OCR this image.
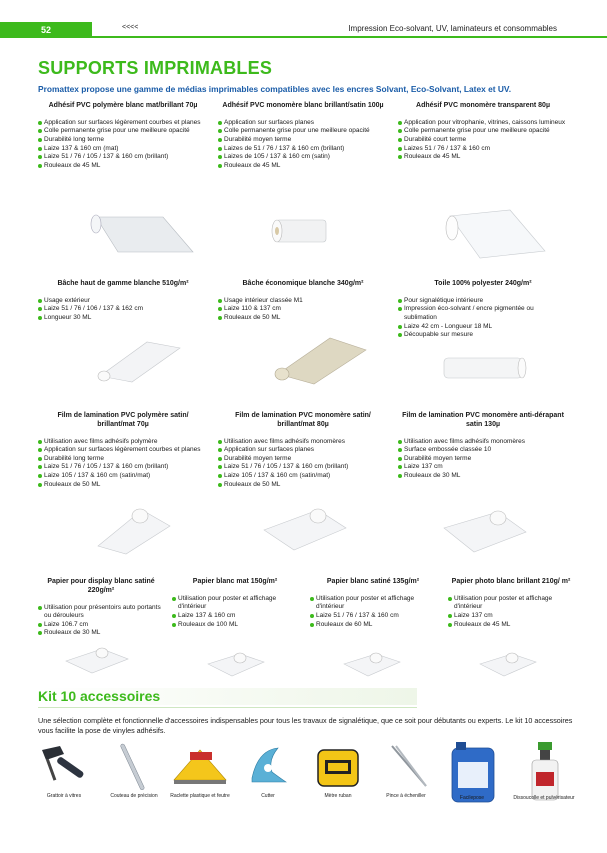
52	<<<<	Impression Eco-solvant, UV, laminateurs et consommables
SUPPORTS IMPRIMABLES
Promattex propose une gamme de médias imprimables compatibles avec les encres Solvant, Eco-Solvant, Latex et UV.
Adhésif PVC polymère blanc mat/brillant 70µ
Application sur surfaces légèrement courbes et planes
Colle permanente grise pour une meilleure opacité
Durabilité long terme
Laize 137 & 160 cm (mat)
Laize 51 / 76 / 105 / 137 & 160 cm (brillant)
Rouleaux de 45 ML
Adhésif PVC monomère blanc brillant/satin 100µ
Application sur surfaces planes
Colle permanente grise pour une meilleure opacité
Durabilité moyen terme
Laizes de 51 / 76 / 137 & 160 cm (brillant)
Laizes de 105 / 137 & 160 cm (satin)
Rouleaux de 45 ML
Adhésif PVC monomère transparent 80µ
Application pour vitrophanie, vitrines, caissons lumineux
Colle permanente grise pour une meilleure opacité
Durabilité court terme
Laizes 51 / 76 / 137 & 160 cm
Rouleaux de 45 ML
Bâche haut de gamme blanche 510g/m²
Usage extérieur
Laize 51 / 76 / 106 / 137 & 162 cm
Longueur 30 ML
Bâche économique blanche 340g/m²
Usage intérieur classée M1
Laize 110 & 137 cm
Rouleaux de 50 ML
Toile 100% polyester 240g/m²
Pour signalétique intérieure
Impression éco-solvant / encre pigmentée ou sublimation
Laize 42 cm - Longueur 18 ML
Découpable sur mesure
Film de lamination PVC polymère satin/ brillant/mat 70µ
Utilisation avec films adhésifs polymère
Application sur surfaces légèrement courbes et planes
Durabilité long terme
Laize 51 / 76 / 105 / 137 & 160 cm (brillant)
Laize 105 / 137 & 160 cm (satin/mat)
Rouleaux de 50 ML
Film de lamination PVC monomère satin/ brillant/mat 80µ
Utilisation avec films adhésifs monomères
Application sur surfaces planes
Durabilité moyen terme
Laize 51 / 76 / 105 / 137 & 160 cm (brillant)
Laize 105 / 137 & 160 cm (satin/mat)
Rouleaux de 50 ML
Film de lamination PVC monomère anti-dérapant satin 130µ
Utilisation avec films adhésifs monomères
Surface embossée classée 10
Durabilité moyen terme
Laize 137 cm
Rouleaux de 30 ML
Papier pour display blanc satiné 220g/m²
Utilisation pour présentoirs auto portants ou dérouleurs
Laize 106.7 cm
Rouleaux de 30 ML
Papier blanc mat 150g/m²
Utilisation pour poster et affichage d'intérieur
Laize 137 & 160 cm
Rouleaux de 100 ML
Papier blanc satiné 135g/m²
Utilisation pour poster et affichage d'intérieur
Laize 51 / 76 / 137 & 160 cm
Rouleaux de 60 ML
Papier photo blanc brillant 210g/ m²
Utilisation pour poster et affichage d'intérieur
Laize 137 cm
Rouleaux de 45 ML
Kit 10 accessoires
Une sélection complète et fonctionnelle d'accessoires indispensables pour tous les travaux de signalétique, que ce soit pour débutants ou experts. Le kit 10 accessoires vous facilite la pose de vinyles adhésifs.
Grattoir à vitres	Couteau de précision	Raclette plastique et feutre	Cutter	Mètre ruban	Pince à écheniller	Facilepose	Dissoucolle et pulvérisateur
